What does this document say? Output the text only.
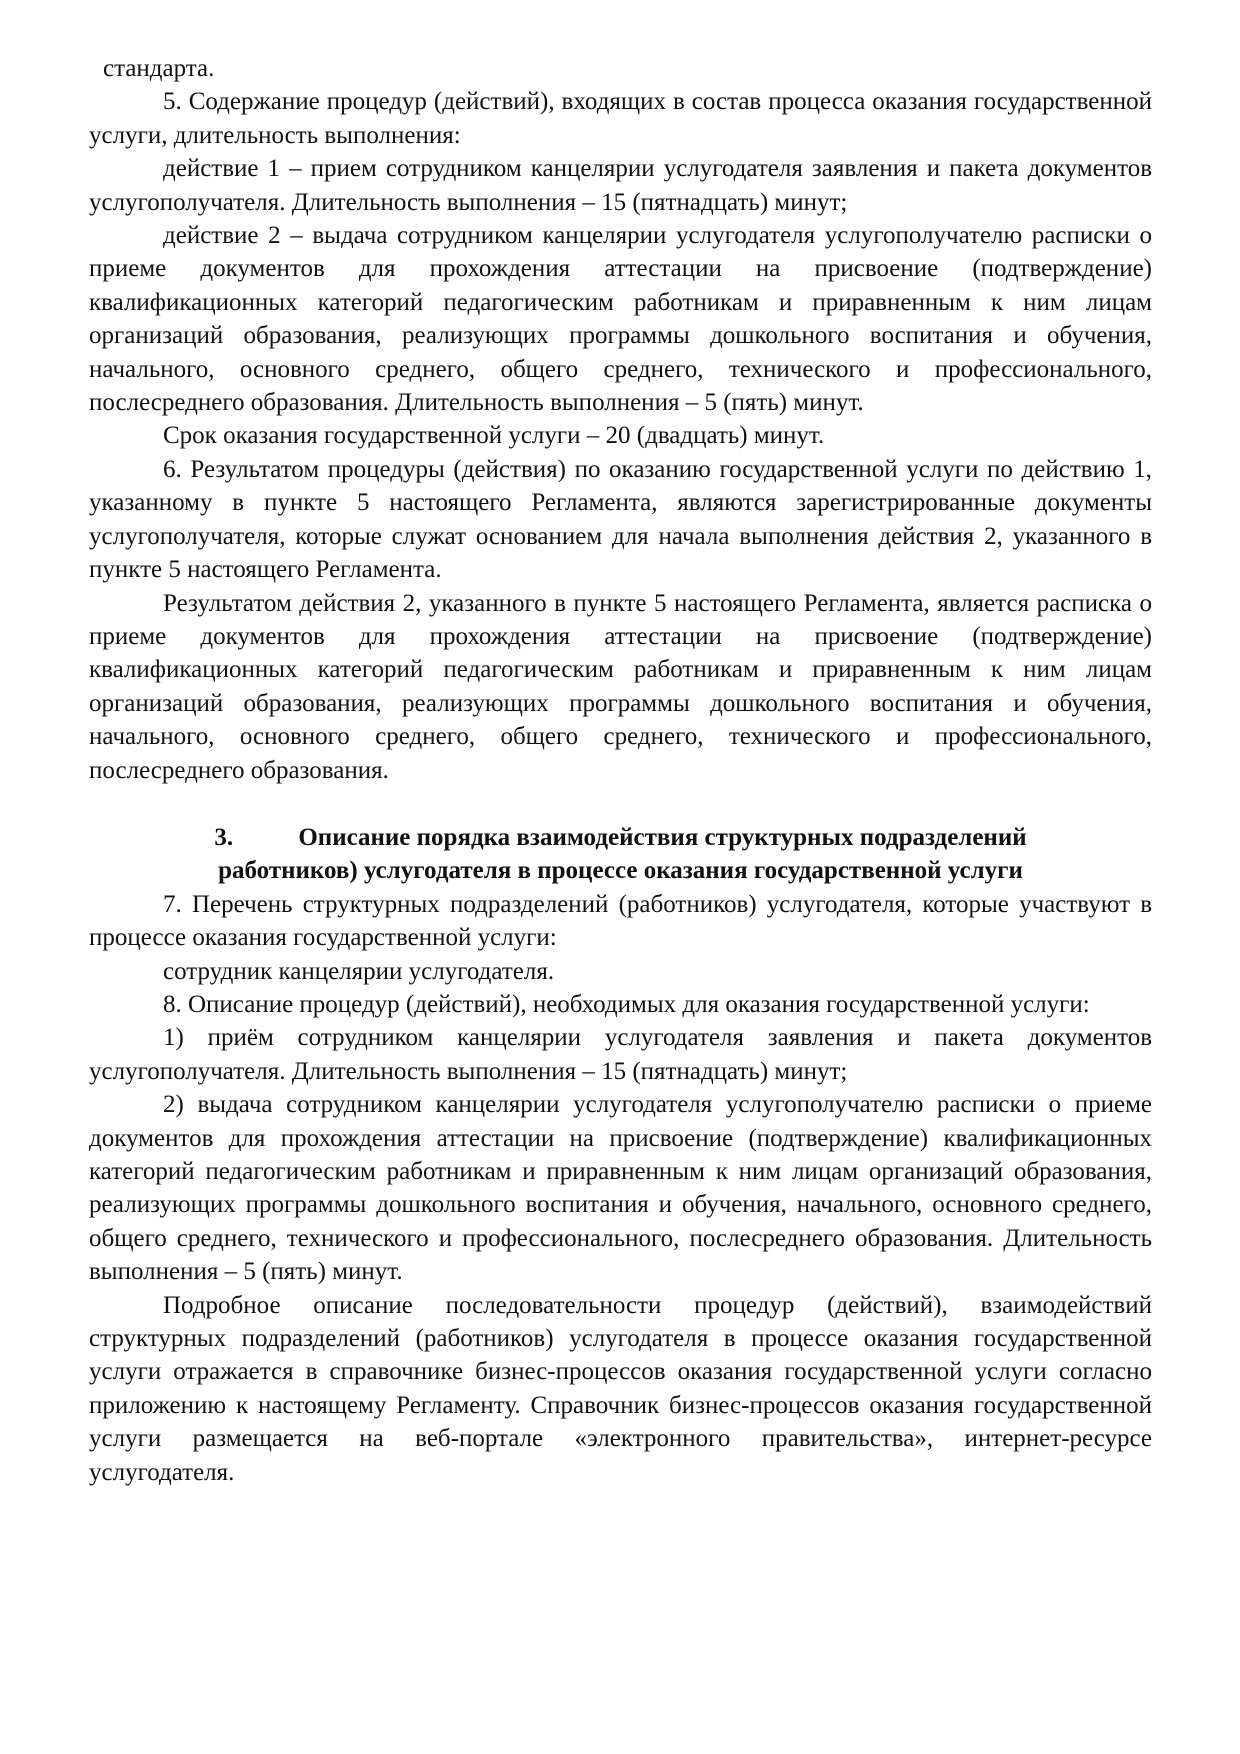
стандарта.

5. Содержание процедур (действий), входящих в состав процесса оказания государственной услуги, длительность выполнения:

действие 1 – прием сотрудником канцелярии услугодателя заявления и пакета документов услугополучателя. Длительность выполнения – 15 (пятнадцать) минут;

действие 2 – выдача сотрудником канцелярии услугодателя услугополучателю расписки о приеме документов для прохождения аттестации на присвоение (подтверждение) квалификационных категорий педагогическим работникам и приравненным к ним лицам организаций образования, реализующих программы дошкольного воспитания и обучения, начального, основного среднего, общего среднего, технического и профессионального, послесреднего образования. Длительность выполнения – 5 (пять) минут.

Срок оказания государственной услуги – 20 (двадцать) минут.

6. Результатом процедуры (действия) по оказанию государственной услуги по действию 1, указанному в пункте 5 настоящего Регламента, являются зарегистрированные документы услугополучателя, которые служат основанием для начала выполнения действия 2, указанного в пункте 5 настоящего Регламента.

Результатом действия 2, указанного в пункте 5 настоящего Регламента, является расписка о приеме документов для прохождения аттестации на присвоение (подтверждение) квалификационных категорий педагогическим работникам и приравненным к ним лицам организаций образования, реализующих программы дошкольного воспитания и обучения, начального, основного среднего, общего среднего, технического и профессионального, послесреднего образования.

3.	Описание порядка взаимодействия структурных подразделений

работников) услугодателя в процессе оказания государственной услуги

7. Перечень структурных подразделений (работников) услугодателя, которые участвуют в процессе оказания государственной услуги:

сотрудник канцелярии услугодателя.

8. Описание процедур (действий), необходимых для оказания государственной услуги:

1) приём сотрудником канцелярии услугодателя заявления и пакета документов услугополучателя. Длительность выполнения – 15 (пятнадцать) минут;

2) выдача сотрудником канцелярии услугодателя услугополучателю расписки о приеме документов для прохождения аттестации на присвоение (подтверждение) квалификационных категорий педагогическим работникам и приравненным к ним лицам организаций образования, реализующих программы дошкольного воспитания и обучения, начального, основного среднего, общего среднего, технического и профессионального, послесреднего образования. Длительность выполнения – 5 (пять) минут.

Подробное описание последовательности процедур (действий), взаимодействий структурных подразделений (работников) услугодателя в процессе оказания государственной услуги отражается в справочнике бизнес-процессов оказания государственной услуги согласно приложению к настоящему Регламенту. Справочник бизнес-процессов оказания государственной услуги размещается на веб-портале «электронного правительства», интернет-ресурсе услугодателя.
